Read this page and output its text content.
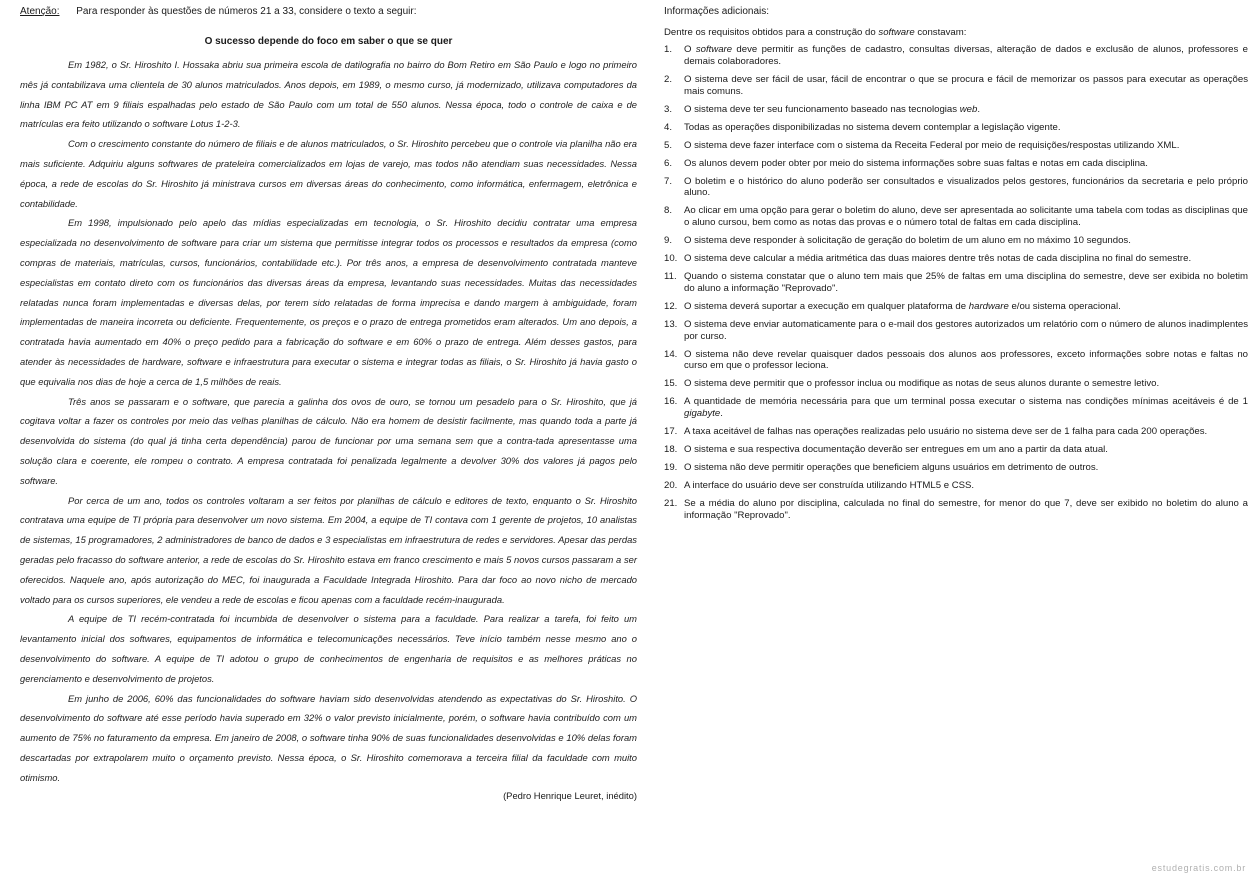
Atenção: Para responder às questões de números 21 a 33, considere o texto a seguir:
O sucesso depende do foco em saber o que se quer

Em 1982, o Sr. Hiroshito I. Hossaka abriu sua primeira escola de datilografia no bairro do Bom Retiro em São Paulo e logo no primeiro mês já contabilizava uma clientela de 30 alunos matriculados. Anos depois, em 1989, o mesmo curso, já modernizado, utilizava computadores da linha IBM PC AT em 9 filiais espalhadas pelo estado de São Paulo com um total de 550 alunos. Nessa época, todo o controle de caixa e de matrículas era feito utilizando o software Lotus 1-2-3.

Com o crescimento constante do número de filiais e de alunos matriculados, o Sr. Hiroshito percebeu que o controle via planilha não era mais suficiente. Adquiriu alguns softwares de prateleira comercializados em lojas de varejo, mas todos não atendiam suas necessidades. Nessa época, a rede de escolas do Sr. Hiroshito já ministrava cursos em diversas áreas do conhecimento, como informática, enfermagem, eletrônica e contabilidade.

Em 1998, impulsionado pelo apelo das mídias especializadas em tecnologia, o Sr. Hiroshito decidiu contratar uma empresa especializada no desenvolvimento de software para criar um sistema que permitisse integrar todos os processos e resultados da empresa (como compras de materiais, matrículas, cursos, funcionários, contabilidade etc.). Por três anos, a empresa de desenvolvimento contratada manteve especialistas em contato direto com os funcionários das diversas áreas da empresa, levantando suas necessidades. Muitas das necessidades relatadas nunca foram implementadas e diversas delas, por terem sido relatadas de forma imprecisa e dando margem à ambiguidade, foram implementadas de maneira incorreta ou deficiente. Frequentemente, os preços e o prazo de entrega prometidos eram alterados. Um ano depois, a contratada havia aumentado em 40% o preço pedido para a fabricação do software e em 60% o prazo de entrega. Além desses gastos, para atender às necessidades de hardware, software e infraestrutura para executar o sistema e integrar todas as filiais, o Sr. Hiroshito já havia gasto o que equivalia nos dias de hoje a cerca de 1,5 milhões de reais.

Três anos se passaram e o software, que parecia a galinha dos ovos de ouro, se tornou um pesadelo para o Sr. Hiroshito, que já cogitava voltar a fazer os controles por meio das velhas planilhas de cálculo. Não era homem de desistir facilmente, mas quando toda a parte já desenvolvida do sistema (do qual já tinha certa dependência) parou de funcionar por uma semana sem que a contra-tada apresentasse uma solução clara e coerente, ele rompeu o contrato. A empresa contratada foi penalizada legalmente a devolver 30% dos valores já pagos pelo software.

Por cerca de um ano, todos os controles voltaram a ser feitos por planilhas de cálculo e editores de texto, enquanto o Sr. Hiroshito contratava uma equipe de TI própria para desenvolver um novo sistema. Em 2004, a equipe de TI contava com 1 gerente de projetos, 10 analistas de sistemas, 15 programadores, 2 administradores de banco de dados e 3 especialistas em infraestrutura de redes e servidores. Apesar das perdas geradas pelo fracasso do software anterior, a rede de escolas do Sr. Hiroshito estava em franco crescimento e mais 5 novos cursos passaram a ser oferecidos. Naquele ano, após autorização do MEC, foi inaugurada a Faculdade Integrada Hiroshito. Para dar foco ao novo nicho de mercado voltado para os cursos superiores, ele vendeu a rede de escolas e ficou apenas com a faculdade recém-inaugurada.

A equipe de TI recém-contratada foi incumbida de desenvolver o sistema para a faculdade. Para realizar a tarefa, foi feito um levantamento inicial dos softwares, equipamentos de informática e telecomunicações necessários. Teve início também nesse mesmo ano o desenvolvimento do software. A equipe de TI adotou o grupo de conhecimentos de engenharia de requisitos e as melhores práticas no gerenciamento e desenvolvimento de projetos.

Em junho de 2006, 60% das funcionalidades do software haviam sido desenvolvidas atendendo as expectativas do Sr. Hiroshito. O desenvolvimento do software até esse período havia superado em 32% o valor previsto inicialmente, porém, o software havia contribuído com um aumento de 75% no faturamento da empresa. Em janeiro de 2008, o software tinha 90% de suas funcionalidades desenvolvidas e 10% delas foram descartadas por extrapolarem muito o orçamento previsto. Nessa época, o Sr. Hiroshito comemorava a terceira filial da faculdade com muito otimismo.

(Pedro Henrique Leuret, inédito)
Informações adicionais:
Dentre os requisitos obtidos para a construção do software constavam:
1.	O software deve permitir as funções de cadastro, consultas diversas, alteração de dados e exclusão de alunos, professores e demais colaboradores.
2.	O sistema deve ser fácil de usar, fácil de encontrar o que se procura e fácil de memorizar os passos para executar as operações mais comuns.
3.	O sistema deve ter seu funcionamento baseado nas tecnologias web.
4.	Todas as operações disponibilizadas no sistema devem contemplar a legislação vigente.
5.	O sistema deve fazer interface com o sistema da Receita Federal por meio de requisições/respostas utilizando XML.
6.	Os alunos devem poder obter por meio do sistema informações sobre suas faltas e notas em cada disciplina.
7.	O boletim e o histórico do aluno poderão ser consultados e visualizados pelos gestores, funcionários da secretaria e pelo próprio aluno.
8.	Ao clicar em uma opção para gerar o boletim do aluno, deve ser apresentada ao solicitante uma tabela com todas as disciplinas que o aluno cursou, bem como as notas das provas e o número total de faltas em cada disciplina.
9.	O sistema deve responder à solicitação de geração do boletim de um aluno em no máximo 10 segundos.
10. O sistema deve calcular a média aritmética das duas maiores dentre três notas de cada disciplina no final do semestre.
11. Quando o sistema constatar que o aluno tem mais que 25% de faltas em uma disciplina do semestre, deve ser exibida no boletim do aluno a informação "Reprovado".
12. O sistema deverá suportar a execução em qualquer plataforma de hardware e/ou sistema operacional.
13. O sistema deve enviar automaticamente para o e-mail dos gestores autorizados um relatório com o número de alunos inadimplentes por curso.
14. O sistema não deve revelar quaisquer dados pessoais dos alunos aos professores, exceto informações sobre notas e faltas no curso em que o professor leciona.
15. O sistema deve permitir que o professor inclua ou modifique as notas de seus alunos durante o semestre letivo.
16. A quantidade de memória necessária para que um terminal possa executar o sistema nas condições mínimas aceitáveis é de 1 gigabyte.
17. A taxa aceitável de falhas nas operações realizadas pelo usuário no sistema deve ser de 1 falha para cada 200 operações.
18. O sistema e sua respectiva documentação deverão ser entregues em um ano a partir da data atual.
19. O sistema não deve permitir operações que beneficiem alguns usuários em detrimento de outros.
20. A interface do usuário deve ser construída utilizando HTML5 e CSS.
21. Se a média do aluno por disciplina, calculada no final do semestre, for menor do que 7, deve ser exibido no boletim do aluno a informação "Reprovado".
estudegratis.com.br
